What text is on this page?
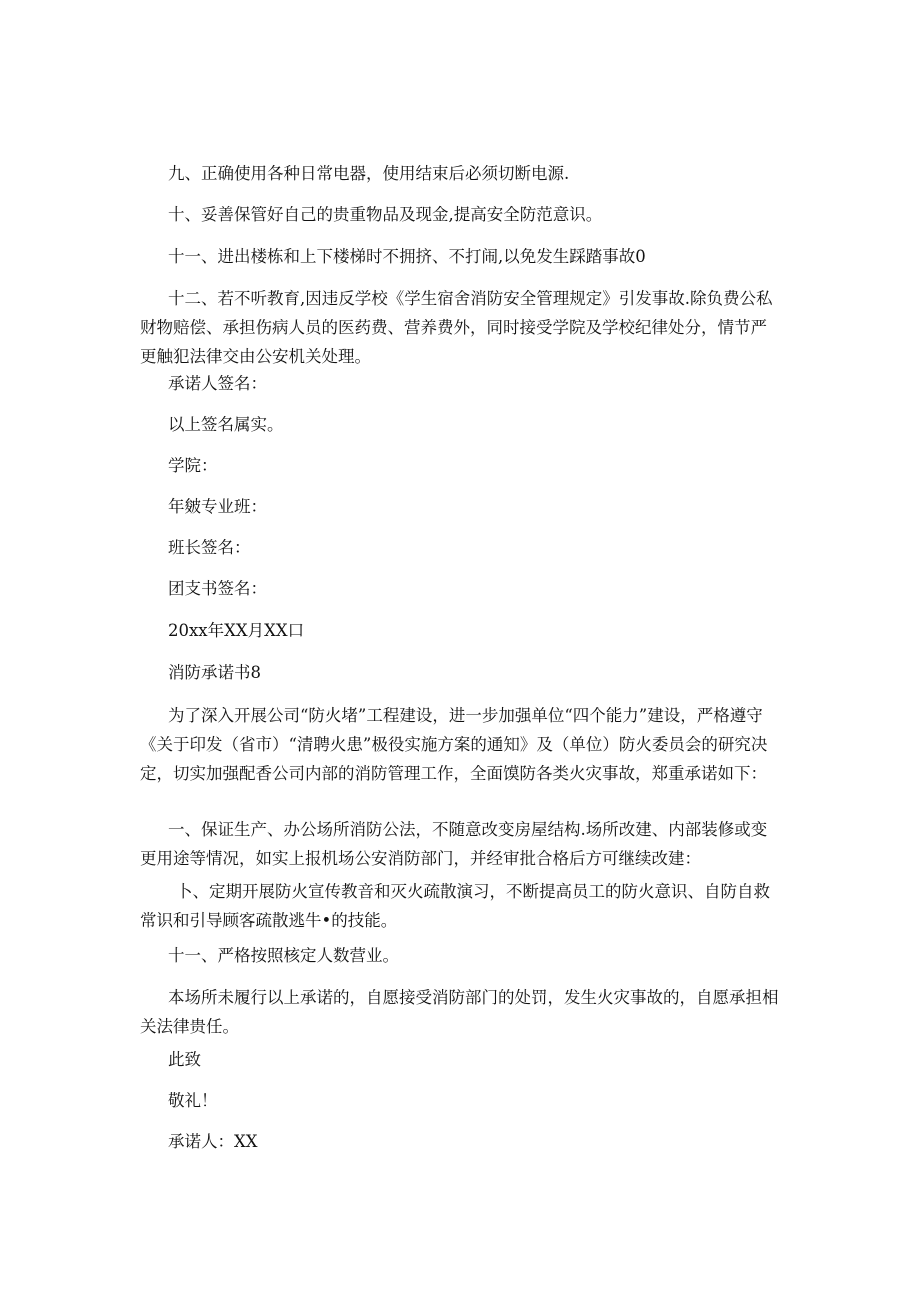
九、正确使用各种日常电器，使用结束后必须切断电源.
十、妥善保管好自己的贵重物品及现金,提高安全防范意识。
十一、进出楼栋和上下楼梯时不拥挤、不打闹,以免发生踩踏事故0
十二、若不听教育,因违反学校《学生宿舍消防安全管理规定》引发事故.除负费公私财物赔偿、承担伤病人员的医药费、营养费外，同时接受学院及学校纪律处分，情节严更触犯法律交由公安机关处理。
承诺人签名：
以上签名属实。
学院：
年皴专业班：
班长签名：
团支书签名：
20xx年XX月XX口
消防承诺书8
为了深入开展公司“防火堵”工程建设，进一步加强单位“四个能力”建设，严格遵守《关于印发（省市）“清聘火患”极役实施方案的通知》及（单位）防火委员会的研究决定，切实加强配香公司内部的消防管理工作，全面馍防各类火灾事故，郑重承诺如下：
一、保证生产、办公场所消防公法，不随意改变房屋结构.场所改建、内部装修或变更用途等情况，如实上报机场公安消防部门，并经审批合格后方可继续改建：
卜、定期开展防火宣传教音和灭火疏散演习，不断提高员工的防火意识、自防自救常识和引导顾客疏散逃牛•的技能。
十一、严格按照核定人数营业。
本场所未履行以上承诺的，自愿接受消防部门的处罚，发生火灾事故的，自愿承担相关法律贵任。
此致
敬礼！
承诺人：XX
